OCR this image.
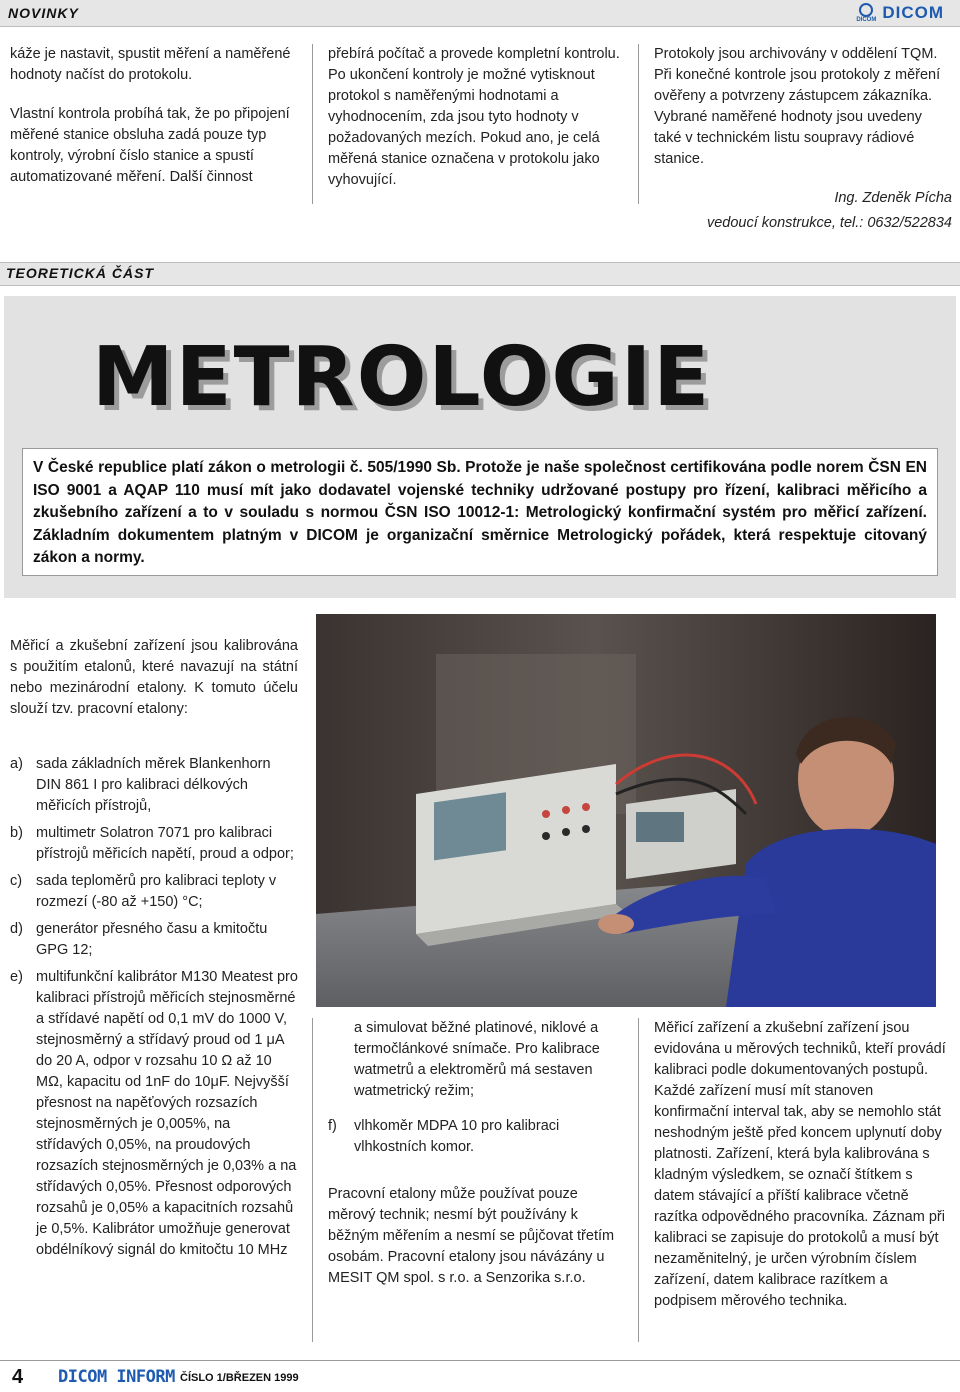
NOVINKY	DICOM DICOM

káže je nastavit, spustit měření a naměřené hodnoty načíst do protokolu.

Vlastní kontrola probíhá tak, že po připojení měřené stanice obsluha zadá pouze typ kontroly, výrobní číslo stanice a spustí automatizované měření. Další činnost

přebírá počítač a provede kompletní kontrolu. Po ukončení kontroly je možné vytisknout protokol s naměřenými hodnotami a vyhodnocením, zda jsou tyto hodnoty v požadovaných mezích. Pokud ano, je celá měřená stanice označena v protokolu jako vyhovující.

Protokoly jsou archivovány v oddělení TQM. Při konečné kontrole jsou protokoly z měření ověřeny a potvrzeny zástupcem zákazníka. Vybrané naměřené hodnoty jsou uvedeny také v technickém listu soupravy rádiové stanice.

Ing. Zdeněk Pícha
vedoucí konstrukce, tel.: 0632/522834
TEORETICKÁ ČÁST
METROLOGIE
V České republice platí zákon o metrologii č. 505/1990 Sb. Protože je naše společnost certifikována podle norem ČSN EN ISO 9001 a AQAP 110 musí mít jako dodavatel vojenské techniky udržované postupy pro řízení, kalibraci měřicího a zkušebního zařízení a to v souladu s normou ČSN ISO 10012-1: Metrologický konfirmační systém pro měřicí zařízení. Základním dokumentem platným v DICOM je organizační směrnice Metrologický pořádek, která respektuje citovaný zákon a normy.

Měřicí a zkušební zařízení jsou kalibrována s použitím etalonů, které navazují na státní nebo mezinárodní etalony. K tomuto účelu slouží tzv. pracovní etalony:

a) sada základních měrek Blankenhorn DIN 861 I pro kalibraci délkových měřicích přístrojů,
b) multimetr Solatron 7071 pro kalibraci přístrojů měřicích napětí, proud a odpor;
c) sada teploměrů pro kalibraci teploty v rozmezí (-80 až +150) °C;
d) generátor přesného času a kmitočtu GPG 12;
e) multifunkční kalibrátor M130 Meatest pro kalibraci přístrojů měřicích stejnosměrné a střídavé napětí od 0,1 mV do 1000 V, stejnosměrný a střídavý proud od 1 μA do 20 A, odpor v rozsahu 10 Ω až 10 MΩ, kapacitu od 1nF do 10μF. Nejvyšší přesnost na napěťových rozsazích stejnosměrných je 0,005%, na střídavých 0,05%, na proudových rozsazích stejnosměrných je 0,03% a na střídavých 0,05%. Přesnost odporových rozsahů je 0,05% a kapacitních rozsahů je 0,5%. Kalibrátor umožňuje generovat obdélníkový signál do kmitočtu 10 MHz

a simulovat běžné platinové, niklové a termočlánkové snímače. Pro kalibrace watmetrů a elektroměrů má sestaven watmetrický režim;

f) vlhkoměr MDPA 10 pro kalibraci vlhkostních komor.

Pracovní etalony může používat pouze měrový technik; nesmí být používány k běžným měřením a nesmí se půjčovat třetím osobám. Pracovní etalony jsou návázány u MESIT QM spol. s r.o. a Senzorika s.r.o.

Měřicí zařízení a zkušební zařízení jsou evidována u měrových techniků, kteří provádí kalibraci podle dokumentovaných postupů. Každé zařízení musí mít stanoven konfirmační interval tak, aby se nemohlo stát neshodným ještě před koncem uplynutí doby platnosti. Zařízení, která byla kalibrována s kladným výsledkem, se označí štítkem s datem stávající a příští kalibrace včetně razítka odpovědného pracovníka. Záznam při kalibraci se zapisuje do protokolů a musí být nezaměnitelný, je určen výrobním číslem zařízení, datem kalibrace razítkem a podpisem měrového technika.

4 DICOM INFORM ČÍSLO 1/BŘEZEN 1999
